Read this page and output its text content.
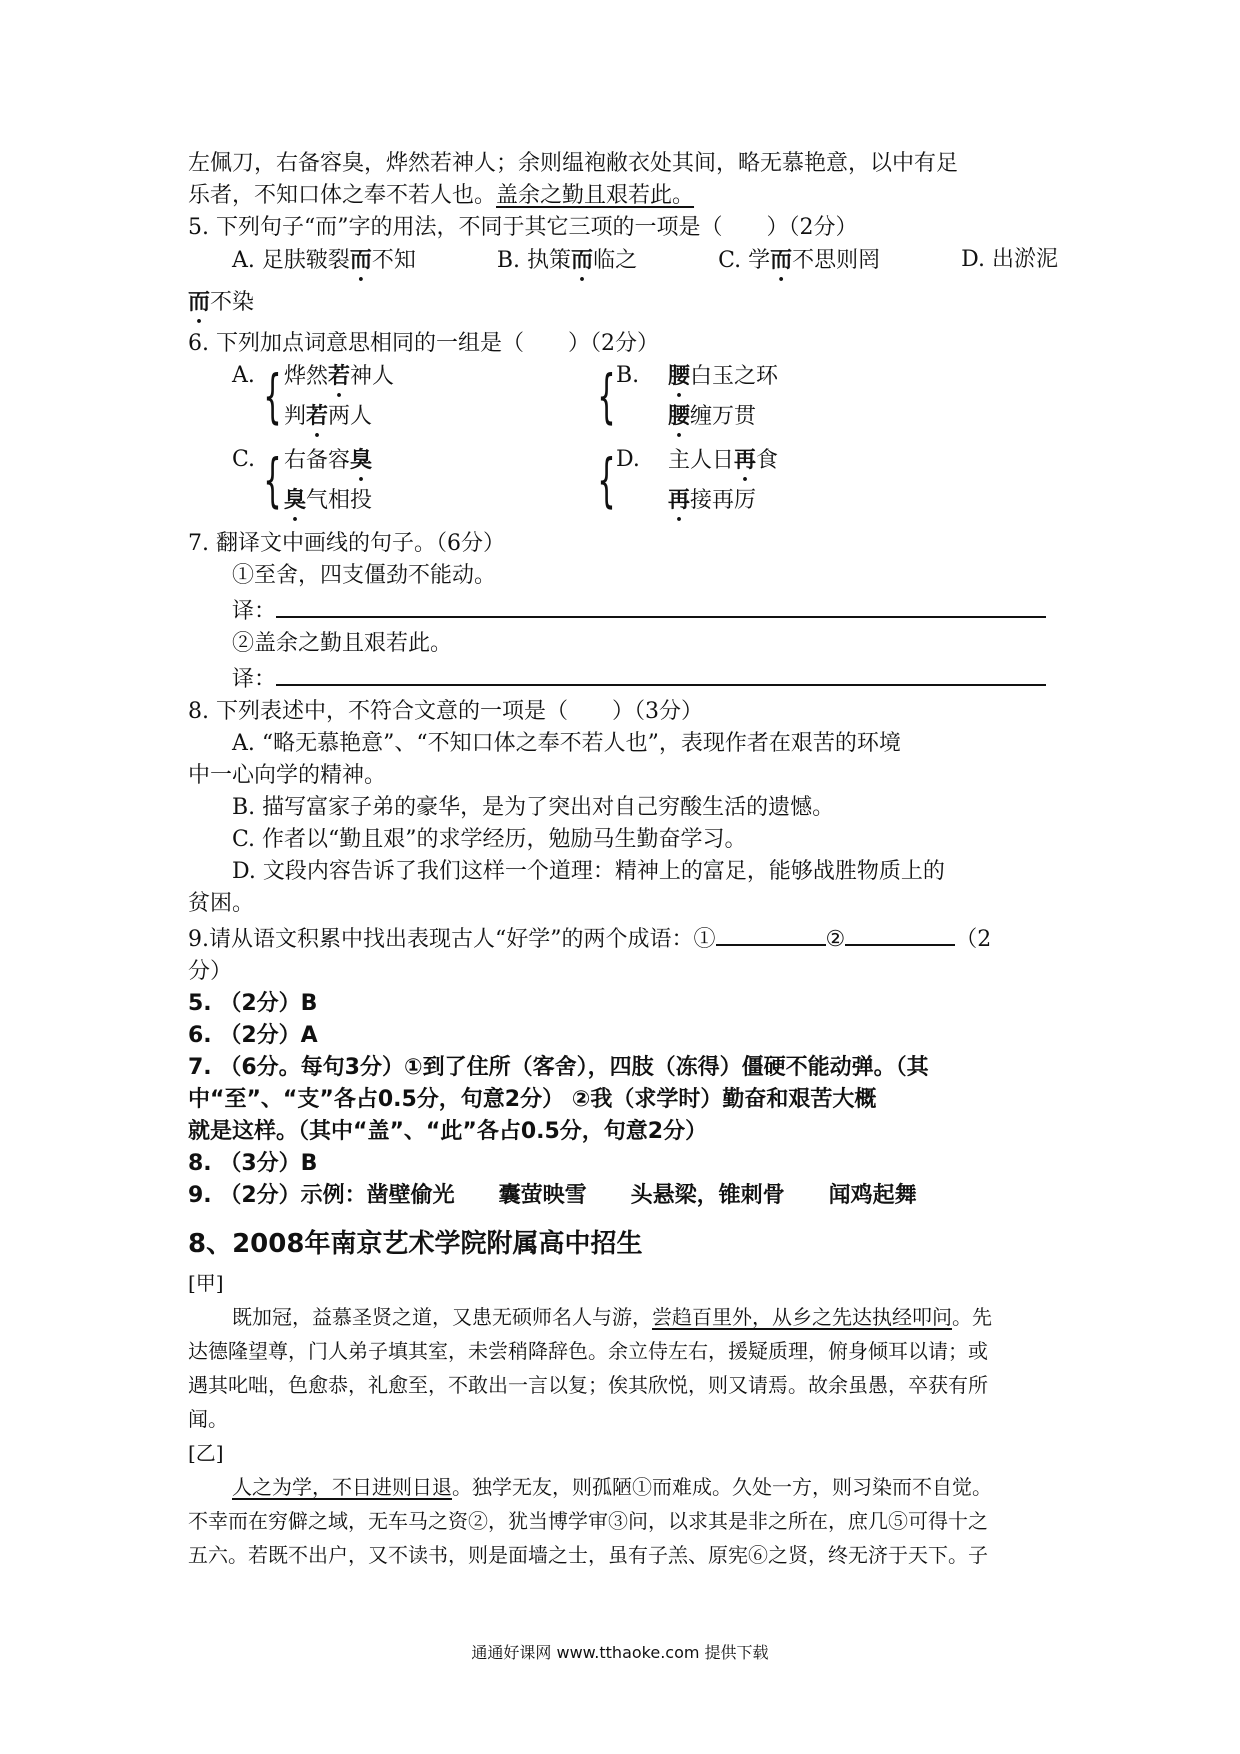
左佩刀，右备容臭，烨然若神人；余则缊袍敝衣处其间，略无慕艳意，以中有足
乐者，不知口体之奉不若人也。盖余之勤且艰若此。
5. 下列句子“而”字的用法，不同于其它三项的一项是（　　）（2分）
A. 足肤皲裂而不知	B. 执策而临之	C. 学而不思则罔	D. 出淤泥
而不染
6. 下列加点词意思相同的一组是（　　）（2分）
A. { 烨然若神人
判若两人	{ B. 腰白玉之环
腰缠万贯
C. { 右备容臭
臭气相投	{ D. 主人日再食
再接再厉
7. 翻译文中画线的句子。（6分）
①至舍，四支僵劲不能动。
译：
②盖余之勤且艰若此。
译：
8. 下列表述中，不符合文意的一项是（　　）（3分）
A. “略无慕艳意”、“不知口体之奉不若人也”，表现作者在艰苦的环境
中一心向学的精神。
B. 描写富家子弟的豪华，是为了突出对自己穷酸生活的遗憾。
C. 作者以“勤且艰”的求学经历，勉励马生勤奋学习。
D. 文段内容告诉了我们这样一个道理：精神上的富足，能够战胜物质上的
贫困。
9.请从语文积累中找出表现古人“好学”的两个成语：①	②	（2
分）
5. （2分）B
6. （2分）A
7. （6分。每句3分）①到了住所（客舍），四肢（冻得）僵硬不能动弹。（其
中“至”、“支”各占0.5分，句意2分） ②我（求学时）勤奋和艰苦大概
就是这样。（其中“盖”、“此”各占0.5分，句意2分）
8. （3分）B
9. （2分）示例：凿壁偷光　　囊萤映雪　　头悬梁，锥刺骨　　闻鸡起舞
8、2008年南京艺术学院附属高中招生
[甲]
既加冠，益慕圣贤之道，又患无硕师名人与游，尝趋百里外，从乡之先达执经叩问。先
达德隆望尊，门人弟子填其室，未尝稍降辞色。余立侍左右，援疑质理，俯身倾耳以请；或
遇其叱咄，色愈恭，礼愈至，不敢出一言以复；俟其欣悦，则又请焉。故余虽愚，卒获有所
闻。
[乙]
人之为学，不日进则日退。独学无友，则孤陋①而难成。久处一方，则习染而不自觉。
不幸而在穷僻之域，无车马之资②，犹当博学审③问，以求其是非之所在，庶几⑤可得十之
五六。若既不出户，又不读书，则是面墙之士，虽有子羔、原宪⑥之贤，终无济于天下。子
通通好课网 www.tthaoke.com 提供下载
